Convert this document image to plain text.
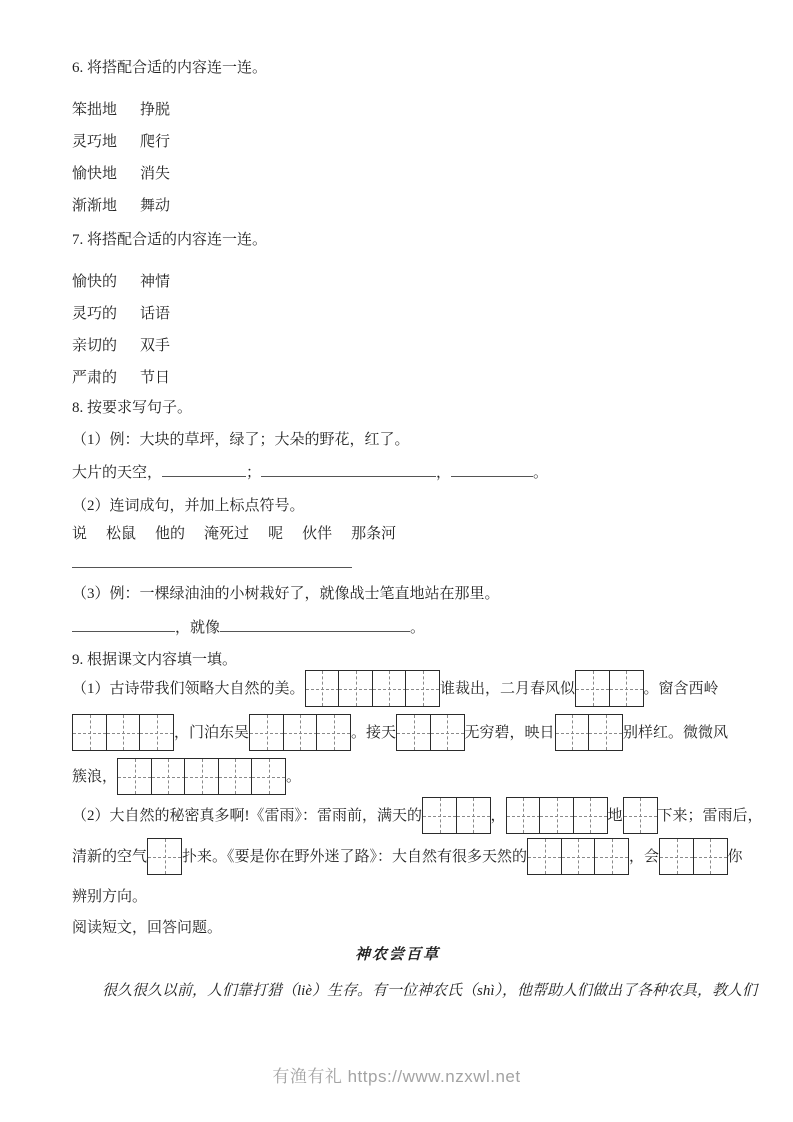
6. 将搭配合适的内容连一连。
笨拙地 挣脱
灵巧地 爬行
愉快地 消失
渐渐地 舞动
7. 将搭配合适的内容连一连。
愉快的 神情
灵巧的 话语
亲切的 双手
严肃的 节日
8. 按要求写句子。
（1）例：大块的草坪，绿了；大朵的野花，红了。
大片的天空，	；	，	。
（2）连词成句，并加上标点符号。
说 松鼠 他的 淹死过 呢 伙伴 那条河
（3）例：一棵绿油油的小树栽好了，就像战士笔直地站在那里。
，就像	。
9. 根据课文内容填一填。
（1）古诗带我们领略大自然的美。	谁裁出，二月春风似	。窗含西岭
，门泊东吴	。接天	无穷碧，映日	别样红。微微风
簇浪，	。
（2）大自然的秘密真多啊!《雷雨》：雷雨前，满天的	，	地 下来；雷雨后，
清新的空气 扑来。《要是你在野外迷了路》：大自然有很多天然的	，会	你
辨别方向。
阅读短文，回答问题。
神农尝百草
很久很久以前，人们靠打猎（liè）生存。有一位神农氏（shì），他帮助人们做出了各种农具，教人们
有渔有礼 https://www.nzxwl.net
